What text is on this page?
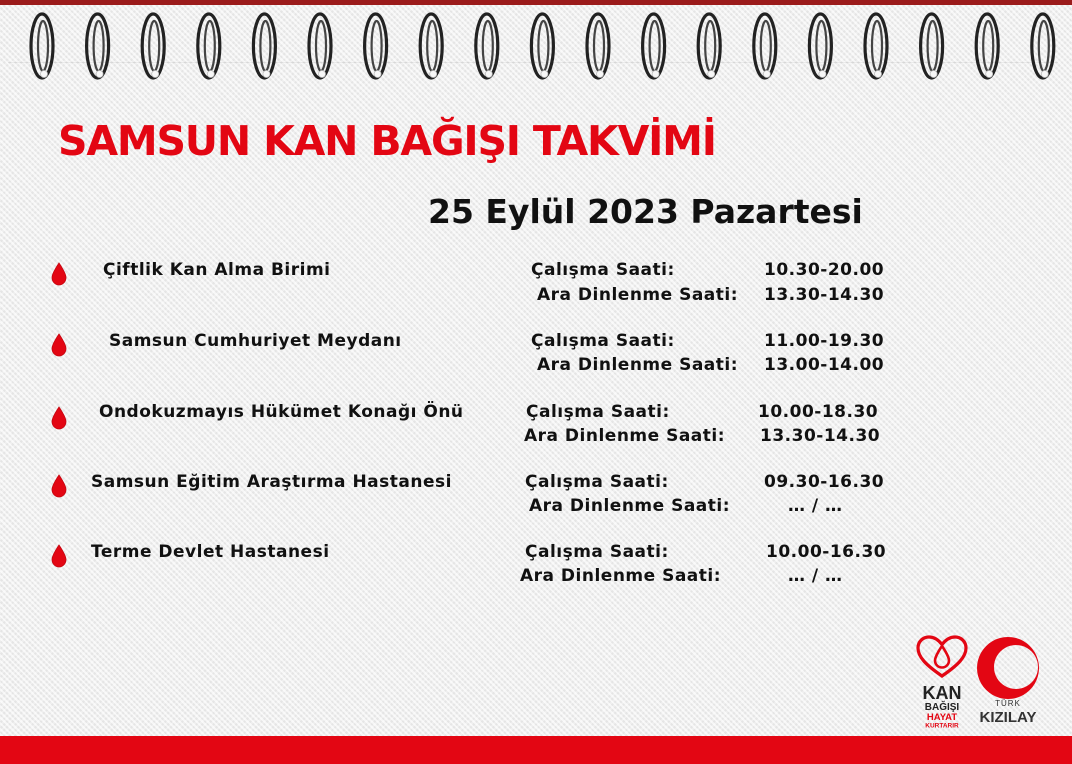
SAMSUN KAN BAĞIŞI TAKVİMİ
25 Eylül 2023 Pazartesi
Çiftlik Kan Alma Birimi	Çalışma Saati:	10.30-20.00
Ara Dinlenme Saati: 13.30-14.30
Samsun Cumhuriyet Meydanı	Çalışma Saati:	11.00-19.30
Ara Dinlenme Saati: 13.00-14.00
Ondokuzmayıs Hükümet Konağı Önü	Çalışma Saati:	10.00-18.30
Ara Dinlenme Saati: 13.30-14.30
Samsun Eğitim Araştırma Hastanesi	Çalışma Saati:	09.30-16.30
Ara Dinlenme Saati:	… / …
Terme Devlet Hastanesi	Çalışma Saati:	10.00-16.30
Ara Dinlenme Saati:	… / …
KAN
BAĞIŞI
HAYAT
KURTARIR
TÜRK
KIZILAY
